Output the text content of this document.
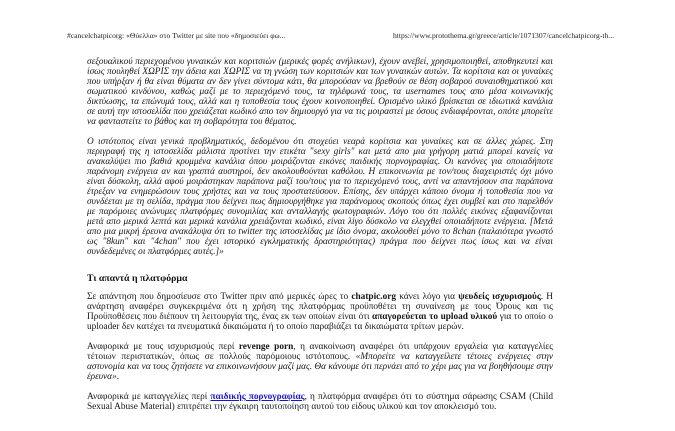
#cancelchatpicorg: «Θύελλα» στο Twitter με site που «δημοσιεύει φω...	https://www.protothema.gr/greece/article/1071307/cancelchatpicorg-th...

σεξουαλικού περιεχομένου γυναικών και κοριτσιών (μερικές φορές ανήλικων), έχουν ανεβεί, χρησιμοποιηθεί, αποθηκευτεί και ίσως πουληθεί ΧΩΡΙΣ την άδεια και ΧΩΡΙΣ να τη γνώση των κοριτσιών και των γυναικών αυτών. Τα κορίτσια και οι γυναίκες που υπήρξαν ή θα είναι θύματα αν δεν γίνει σύντομα κάτι, θα μπορούσαν να βρεθούν σε θέση σοβαρού συναισθηματικού και σωματικού κινδύνου, καθώς μαζί με το περιεχόμενό τους, τα τηλέφωνά τους, τα usernames τους απο μέσα κοινωνικής δικτύωσης, τα επώνυμά τους, αλλά και η τοποθεσία τους έχουν κοινοποιηθεί. Ορισμένο υλικό βρίσκεται σε ιδιωτικά κανάλια σε αυτή την ιστοσελίδα που χρειάζεται κωδικό απο τον δημιουργό για να τις μοιραστεί με όσους ενδιαφέρονται, οπότε μπορείτε να φανταστείτε το βάθος και τη σοβαρότητα του θέματος.

Ο ιστότοπος είναι γενικά προβληματικός, δεδομένου ότι στοχεύει νεαρά κορίτσια και γυναίκες και σε άλλες χώρες. Στη περιγραφή της η ιστοσελίδα μάλιστα προτίνει την ετικέτα "sexy girls" και μετά απο μια γρήγορη ματιά μπορεί κανείς να ανακαλύψει πιο βαθιά κρυμμένα κανάλια όπου μοιράζονται εικόνες παιδικής πορνογραφίας. Οι κανόνες για οποιαδήποτε παράνομη ενέργεια αν και γραπτά αυστηροί, δεν ακολουθούνται καθόλου. Η επικοινωνία με τον/τους διαχειριστές όχι μόνο είναι δύσκολη, αλλά αφού μοιράστηκαν παράπονα μαζί του/τους για το περιεχόμενό τους, αντί να απαντήσουν στα παράπονα έτρεξαν να ενημερώσουν τους χρήστες και να τους προστατεύσουν. Επίσης, δεν υπάρχει κάποιο όνομα ή τοποθεσία που να συνδέεται με τη σελίδα, πράγμα που δείχνει πως δημιουργήθηκε για παράνομους σκοπούς όπως έχει συμβεί και στο παρελθόν με παρόμοιες ανώνυμες πλατφόρμες συνομιλίας και ανταλλαγής φωτογραφιών. Λόγο του ότι πολλές εικόνες εξαφανίζονται μετά απο μερικά λεπτά και μερικά κανάλια χρειάζονται κωδικό, είναι λίγο δύσκολο να ελεγχθεί οποιαδήποτε ενέργεια. [Μετά απο μια μικρή έρευνα ανακάλυψα ότι το twitter της ιστοσελίδας με ίδιο όνομα, ακολουθεί μόνο το 8chan (παλαιότερα γνωστό ως "8kun" και "4chan" που έχει ιστορικό εγκληματικής δραστηριότητας) πράγμα που δείχνει πως ίσως και να είναι συνδεδεμένες οι πλατφόρμες αυτές.]»

Τι απαντά η πλατφόρμα

Σε απάντηση που δημοσίευσε στο Twitter πριν από μερικές ώρες το chatpic.org κάνει λόγο για ψευδείς ισχυρισμούς. Η ανάρτηση αναφέρει συγκεκριμένα ότι η χρήση της πλατφόρμας προϋποθέτει τη συναίνεση με τους Όρους και τις Προϋποθέσεις που διέπουν τη λειτουργία της, ένας εκ των οποίων είναι ότι απαγορεύεται το upload υλικού για το οποίο ο uploader δεν κατέχει τα πνευματικά δικαιώματα ή το οποίο παραβιάζει τα δικαιώματα τρίτων μερών.

Αναφορικά με τους ισχυρισμούς περί revenge porn, η ανακοίνωση αναφέρει ότι υπάρχουν εργαλεία για καταγγελίες τέτοιων περιστατικών, όπως σε πολλούς παρόμοιους ιστότοπους. «Μπορείτε να καταγγείλετε τέτοιες ενέργειες στην αστυνομία και να τους ζητήσετε να επικοινωνήσουν μαζί μας. Θα κάνουμε ότι περνάει από το χέρι μας για να βοηθήσουμε στην έρευνα».

Αναφορικά με καταγγελίες περί παιδικής πορνογραφίας, η πλατφόρμα αναφέρει ότι το σύστημα σάρωσης CSAM (Child Sexual Abuse Material) επιτρέπει την έγκαιρη ταυτοποίηση αυτού του είδους υλικού και τον αποκλεισμό του.
